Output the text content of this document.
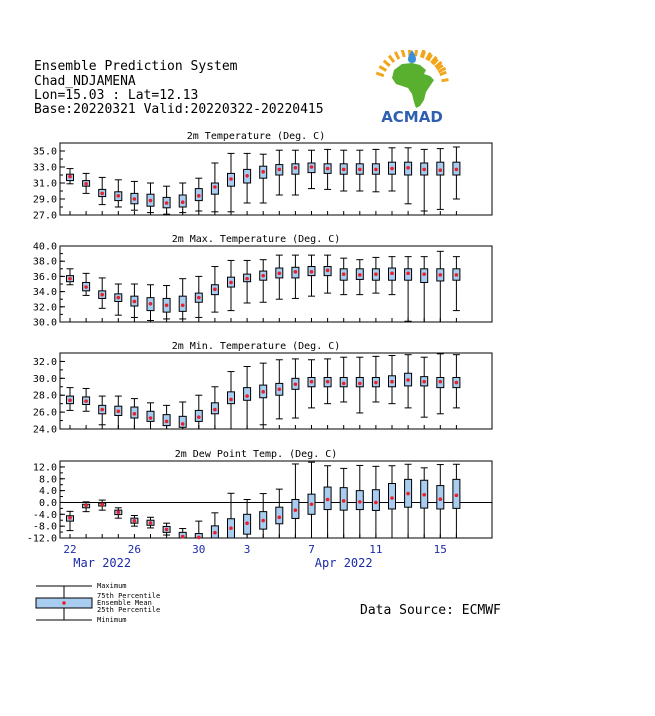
Ensemble Prediction System
Chad_NDJAMENA
Lon=15.03 : Lat=12.13
Base:20220321 Valid:20220322-20220415	ACMAD
2m Temperature (Deg. C)
27.0
29.0
31.0
33.0
35.0
2m Max. Temperature (Deg. C)
30.0
32.0
34.0
36.0
38.0
40.0
2m Min. Temperature (Deg. C)
24.0
26.0
28.0
30.0
32.0
2m Dew Point Temp. (Deg. C)
-12.0
-8.0
-4.0
0.0
4.0
8.0
12.0
22	26	30	3	7	11	15
Mar 2022	Apr 2022
Maximum
75th Percentile
Ensemble Mean
25th Percentile
Minimum
Data Source: ECMWF
